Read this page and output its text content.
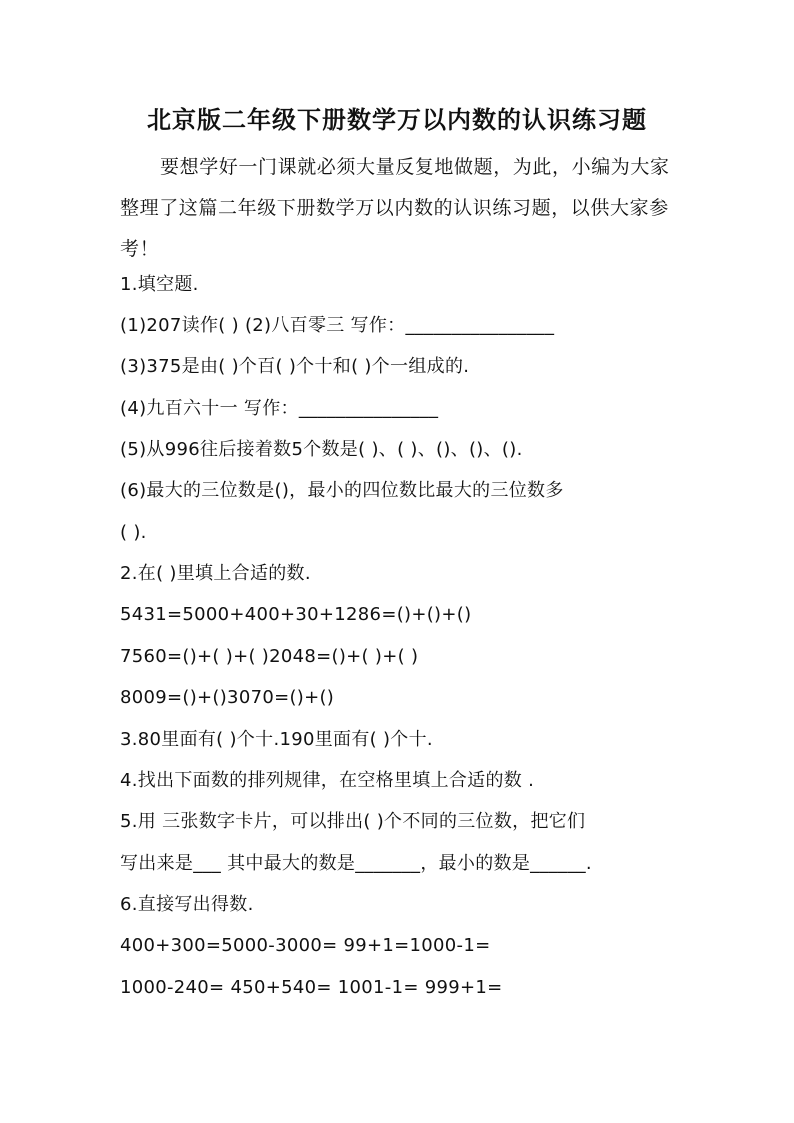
北京版二年级下册数学万以内数的认识练习题

要想学好一门课就必须大量反复地做题，为此，小编为大家整理了这篇二年级下册数学万以内数的认识练习题，以供大家参考！

1.填空题.
(1)207读作( ) (2)八百零三 写作：________________
(3)375是由( )个百( )个十和( )个一组成的.
(4)九百六十一 写作：_______________
(5)从996往后接着数5个数是( )、( )、()、()、().
(6)最大的三位数是()，最小的四位数比最大的三位数多
( ).
2.在( )里填上合适的数.
5431=5000+400+30+1286=()+()+()
7560=()+( )+( )2048=()+( )+( )
8009=()+()3070=()+()
3.80里面有( )个十.190里面有( )个十.
4.找出下面数的排列规律，在空格里填上合适的数 .
5.用 三张数字卡片，可以排出( )个不同的三位数，把它们
写出来是___ 其中最大的数是_______，最小的数是______.
6.直接写出得数.
400+300=5000-3000= 99+1=1000-1=
1000-240= 450+540= 1001-1= 999+1=
